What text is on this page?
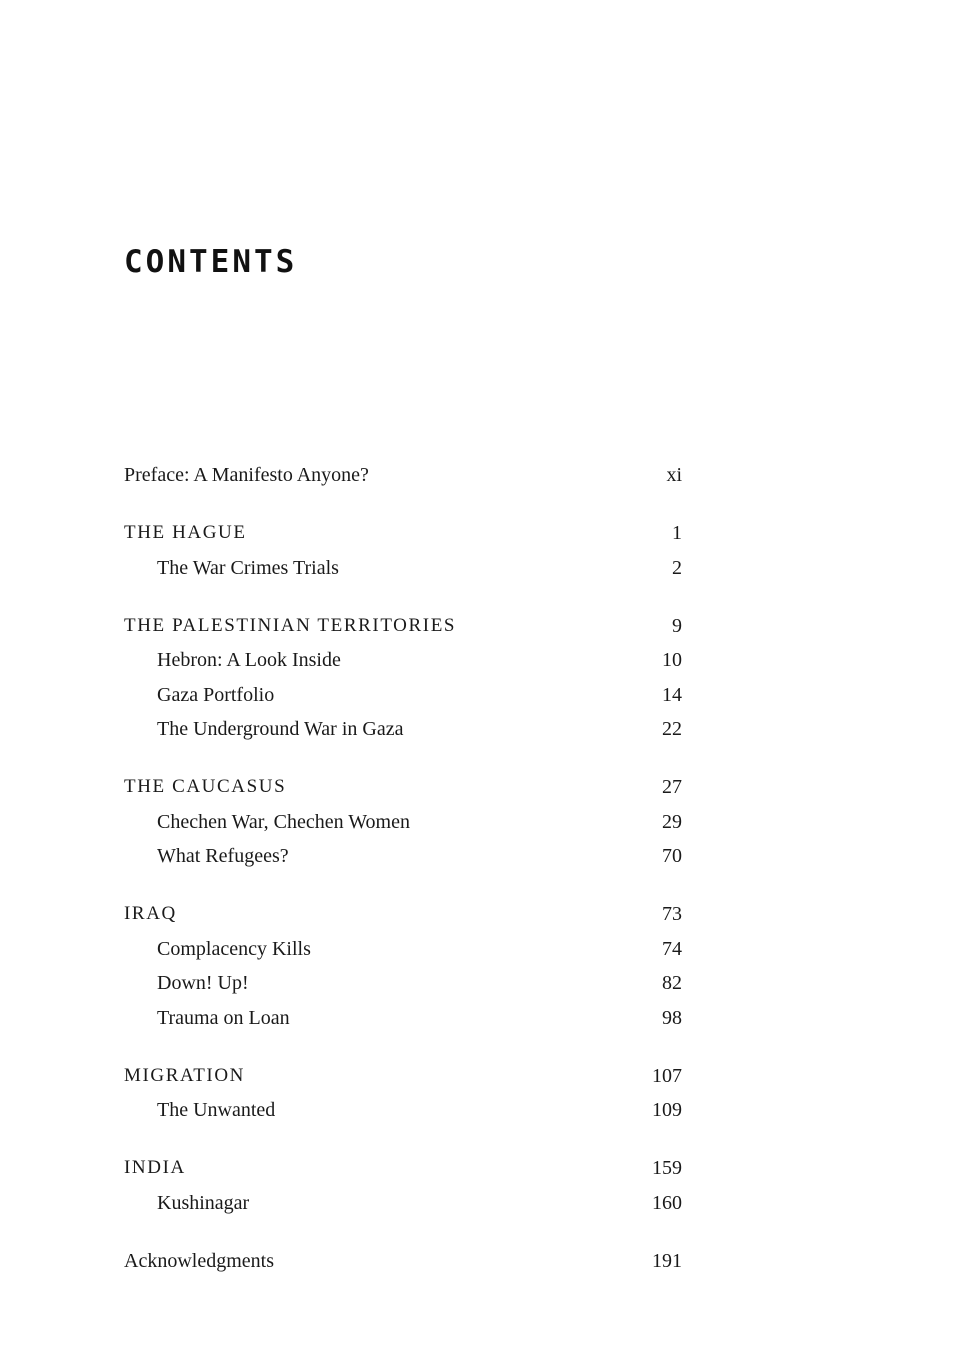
CONTENTS
Preface: A Manifesto Anyone?	xi
THE HAGUE	1
The War Crimes Trials	2
THE PALESTINIAN TERRITORIES	9
Hebron: A Look Inside	10
Gaza Portfolio	14
The Underground War in Gaza	22
THE CAUCASUS	27
Chechen War, Chechen Women	29
What Refugees?	70
IRAQ	73
Complacency Kills	74
Down! Up!	82
Trauma on Loan	98
MIGRATION	107
The Unwanted	109
INDIA	159
Kushinagar	160
Acknowledgments	191
